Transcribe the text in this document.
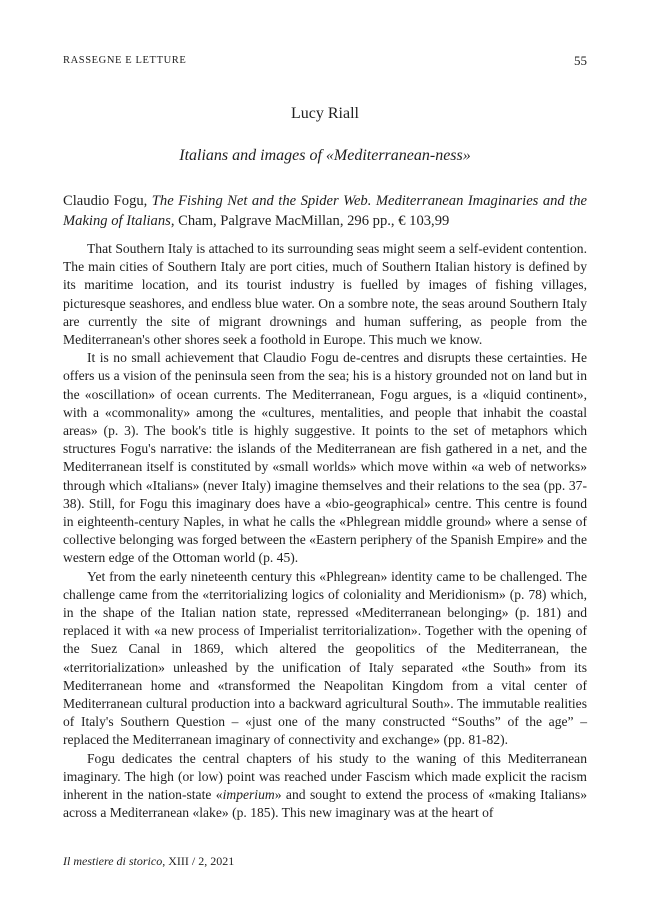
RASSEGNE E LETTURE	55
Lucy Riall
Italians and images of «Mediterranean-ness»
Claudio Fogu, The Fishing Net and the Spider Web. Mediterranean Imaginaries and the Making of Italians, Cham, Palgrave MacMillan, 296 pp., € 103,99

That Southern Italy is attached to its surrounding seas might seem a self-evident contention. The main cities of Southern Italy are port cities, much of Southern Italian history is defined by its maritime location, and its tourist industry is fuelled by images of fishing villages, picturesque seashores, and endless blue water. On a sombre note, the seas around Southern Italy are currently the site of migrant drownings and human suffering, as people from the Mediterranean's other shores seek a foothold in Europe. This much we know.

It is no small achievement that Claudio Fogu de-centres and disrupts these certainties. He offers us a vision of the peninsula seen from the sea; his is a history grounded not on land but in the «oscillation» of ocean currents. The Mediterranean, Fogu argues, is a «liquid continent», with a «commonality» among the «cultures, mentalities, and people that inhabit the coastal areas» (p. 3). The book's title is highly suggestive. It points to the set of metaphors which structures Fogu's narrative: the islands of the Mediterranean are fish gathered in a net, and the Mediterranean itself is constituted by «small worlds» which move within «a web of networks» through which «Italians» (never Italy) imagine themselves and their relations to the sea (pp. 37-38). Still, for Fogu this imaginary does have a «bio-geographical» centre. This centre is found in eighteenth-century Naples, in what he calls the «Phlegrean middle ground» where a sense of collective belonging was forged between the «Eastern periphery of the Spanish Empire» and the western edge of the Ottoman world (p. 45).

Yet from the early nineteenth century this «Phlegrean» identity came to be challenged. The challenge came from the «territorializing logics of coloniality and Meridionism» (p. 78) which, in the shape of the Italian nation state, repressed «Mediterranean belonging» (p. 181) and replaced it with «a new process of Imperialist territorialization». Together with the opening of the Suez Canal in 1869, which altered the geopolitics of the Mediterranean, the «territorialization» unleashed by the unification of Italy separated «the South» from its Mediterranean home and «transformed the Neapolitan Kingdom from a vital center of Mediterranean cultural production into a backward agricultural South». The immutable realities of Italy's Southern Question – «just one of the many constructed “Souths” of the age” – replaced the Mediterranean imaginary of connectivity and exchange» (pp. 81-82).

Fogu dedicates the central chapters of his study to the waning of this Mediterranean imaginary. The high (or low) point was reached under Fascism which made explicit the racism inherent in the nation-state «imperium» and sought to extend the process of «making Italians» across a Mediterranean «lake» (p. 185). This new imaginary was at the heart of

Il mestiere di storico, XIII / 2, 2021
